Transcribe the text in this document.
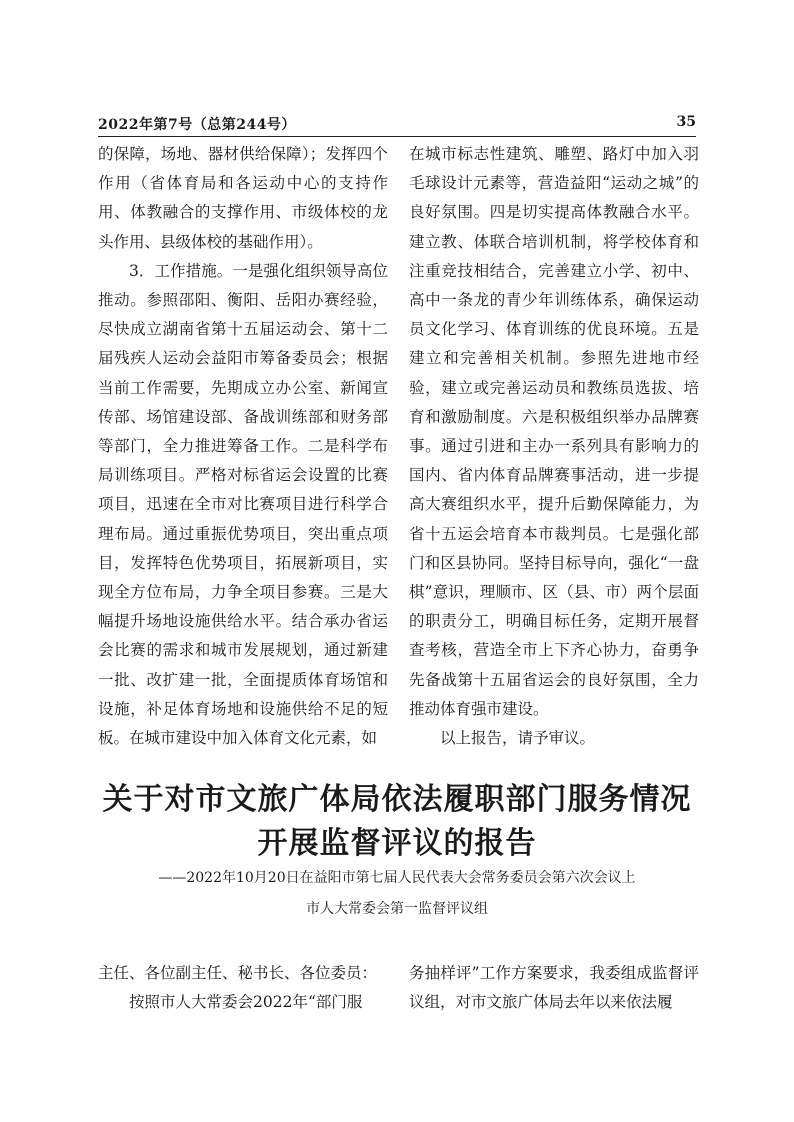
2022年第7号（总第244号）	35

的保障，场地、器材供给保障）；发挥四个作用（省体育局和各运动中心的支持作用、体教融合的支撑作用、市级体校的龙头作用、县级体校的基础作用）。

3．工作措施。一是强化组织领导高位推动。参照邵阳、衡阳、岳阳办赛经验，尽快成立湖南省第十五届运动会、第十二届残疾人运动会益阳市筹备委员会；根据当前工作需要，先期成立办公室、新闻宣传部、场馆建设部、备战训练部和财务部等部门，全力推进筹备工作。二是科学布局训练项目。严格对标省运会设置的比赛项目，迅速在全市对比赛项目进行科学合理布局。通过重振优势项目，突出重点项目，发挥特色优势项目，拓展新项目，实现全方位布局，力争全项目参赛。三是大幅提升场地设施供给水平。结合承办省运会比赛的需求和城市发展规划，通过新建一批、改扩建一批，全面提质体育场馆和设施，补足体育场地和设施供给不足的短板。在城市建设中加入体育文化元素，如

在城市标志性建筑、雕塑、路灯中加入羽毛球设计元素等，营造益阳“运动之城”的良好氛围。四是切实提高体教融合水平。建立教、体联合培训机制，将学校体育和注重竞技相结合，完善建立小学、初中、高中一条龙的青少年训练体系，确保运动员文化学习、体育训练的优良环境。五是建立和完善相关机制。参照先进地市经验，建立或完善运动员和教练员选拔、培育和激励制度。六是积极组织举办品牌赛事。通过引进和主办一系列具有影响力的国内、省内体育品牌赛事活动，进一步提高大赛组织水平，提升后勤保障能力，为省十五运会培育本市裁判员。七是强化部门和区县协同。坚持目标导向，强化“一盘棋”意识，理顺市、区（县、市）两个层面的职责分工，明确目标任务，定期开展督查考核，营造全市上下齐心协力，奋勇争先备战第十五届省运会的良好氛围，全力推动体育强市建设。

以上报告，请予审议。

关于对市文旅广体局依法履职部门服务情况
开展监督评议的报告
——2022年10月20日在益阳市第七届人民代表大会常务委员会第六次会议上
市人大常委会第一监督评议组

主任、各位副主任、秘书长、各位委员：

按照市人大常委会2022年“部门服

务抽样评”工作方案要求，我委组成监督评议组，对市文旅广体局去年以来依法履
